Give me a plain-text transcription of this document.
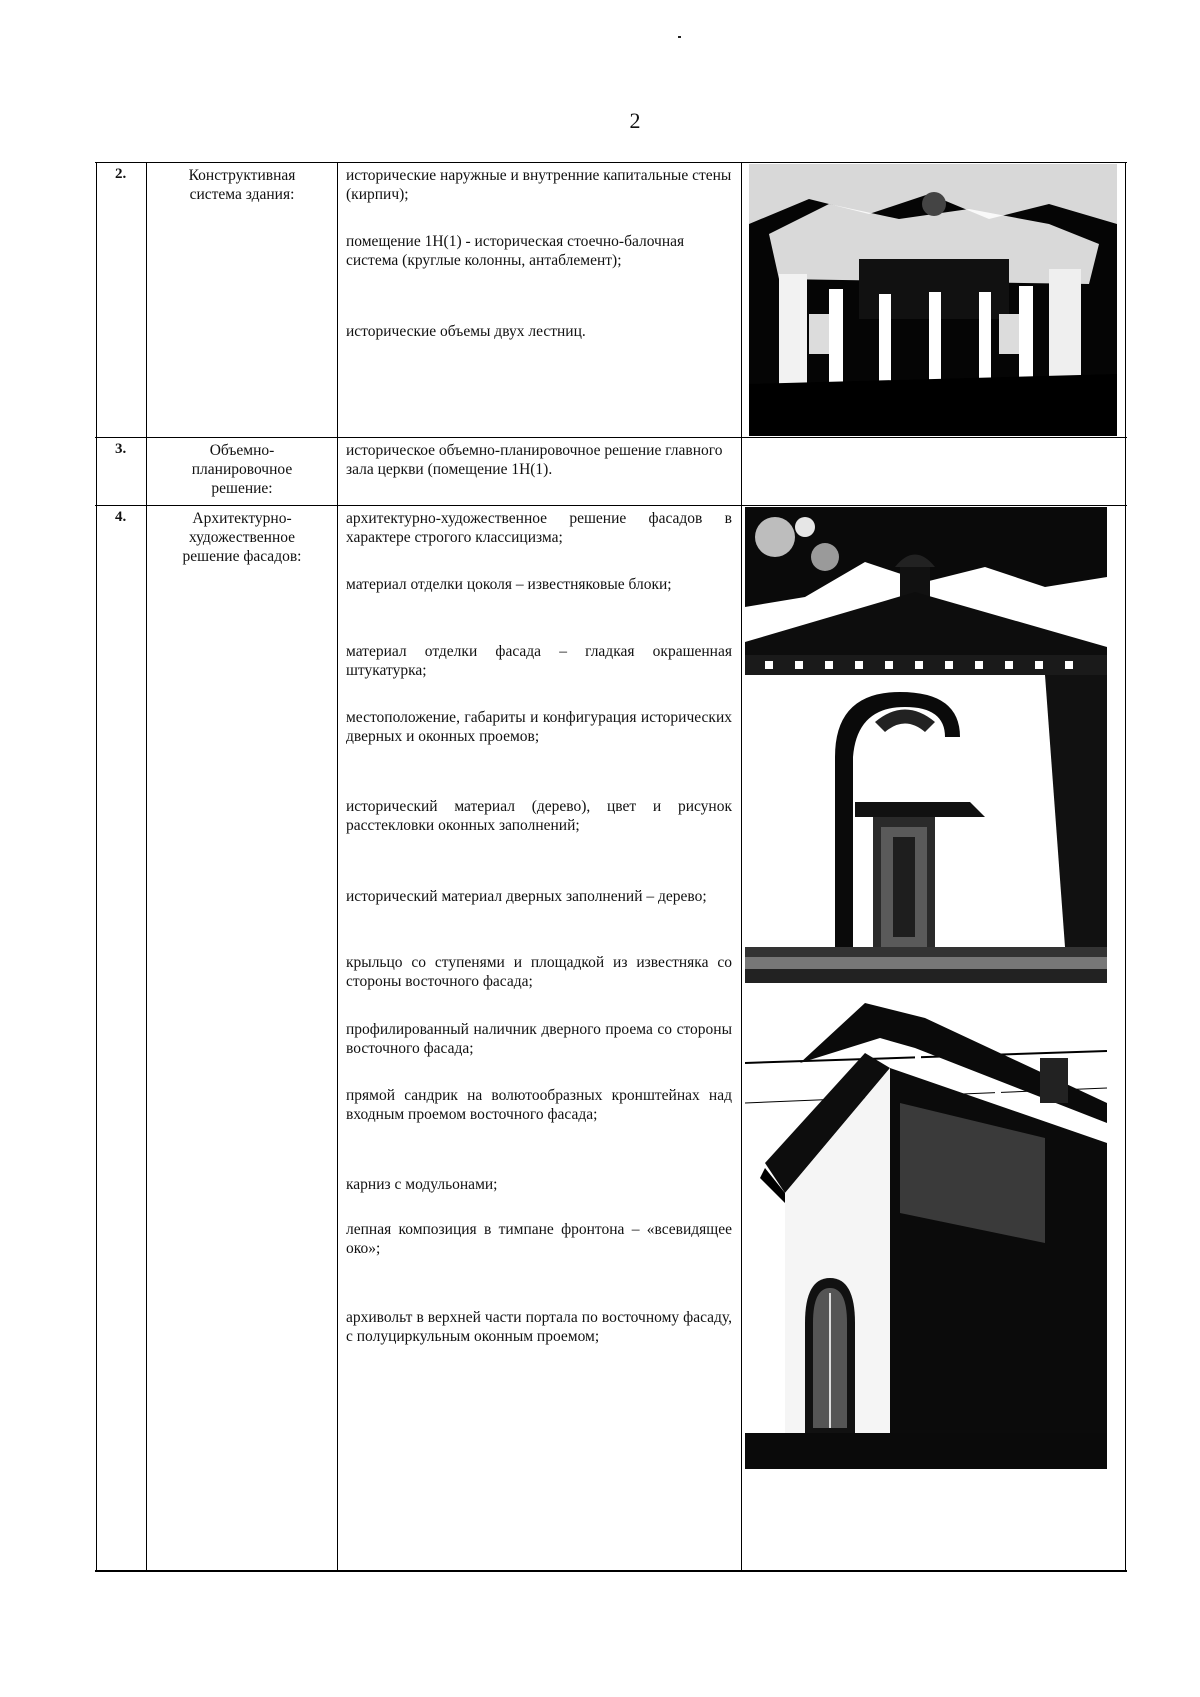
2
2.	Конструктивная система здания:
исторические наружные и внутренние капитальные стены (кирпич);
помещение 1Н(1) - историческая стоечно-балочная система (круглые колонны, антаблемент);
исторические объемы двух лестниц.
3.	Объемно-планировочное решение:
историческое объемно-планировочное решение главного зала церкви (помещение 1Н(1).
4.	Архитектурно-художественное решение фасадов:
архитектурно-художественное решение фасадов в характере строгого классицизма;
материал отделки цоколя – известняковые блоки;
материал отделки фасада – гладкая окрашенная штукатурка;
местоположение, габариты и конфигурация исторических дверных и оконных проемов;
исторический материал (дерево), цвет и рисунок расстекловки оконных заполнений;
исторический материал дверных заполнений – дерево;
крыльцо со ступенями и площадкой из известняка со стороны восточного фасада;
профилированный наличник дверного проема со стороны восточного фасада;
прямой сандрик на волютообразных кронштейнах над входным проемом восточного фасада;
карниз с модульонами;
лепная композиция в тимпане фронтона – «всевидящее око»;
архивольт в верхней части портала по восточному фасаду, с полуциркульным оконным проемом;
